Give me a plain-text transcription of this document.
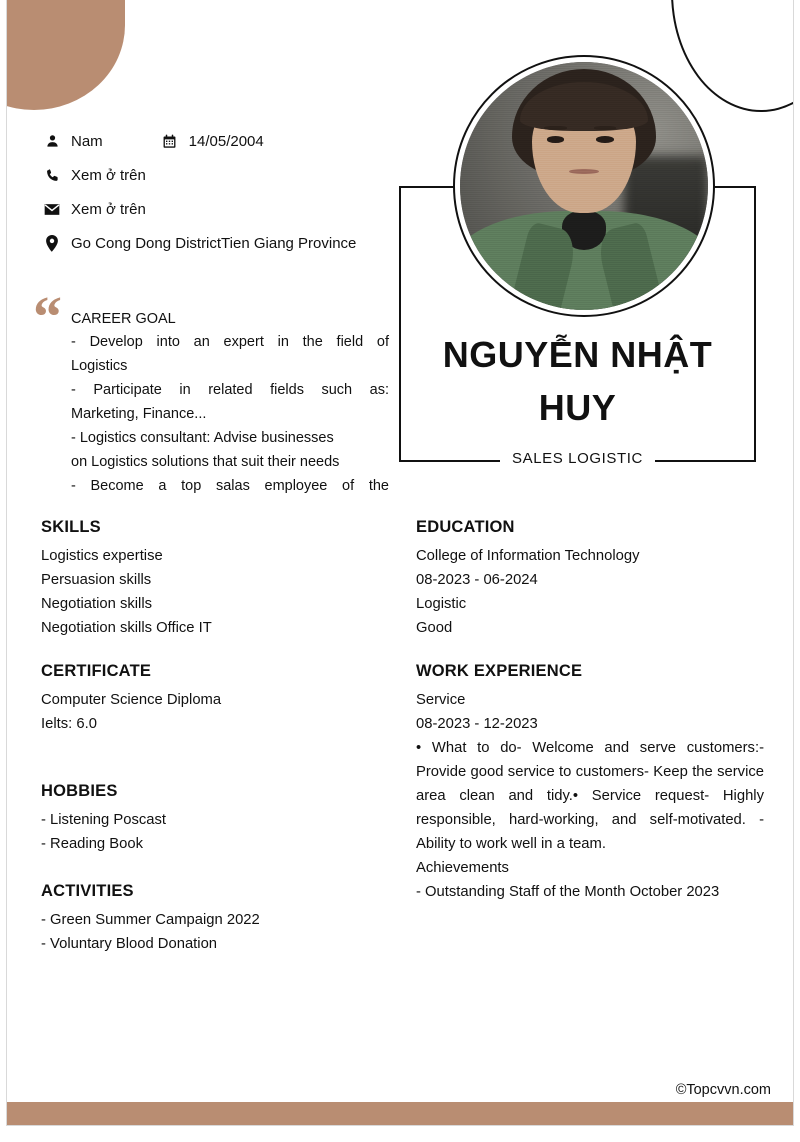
Nam	14/05/2004
Xem ở trên
Xem ở trên
Go Cong Dong DistrictTien Giang Province
“ CAREER GOAL
- Develop into an expert in the field of
Logistics
- Participate in related fields such as:
Marketing, Finance...
- Logistics consultant: Advise businesses
on Logistics solutions that suit their needs
- Become a top salas employee of the
NGUYỄN NHẬT HUY
SALES LOGISTIC
SKILLS
Logistics expertise
Persuasion skills
Negotiation skills
Negotiation skills Office IT
CERTIFICATE
Computer Science Diploma
Ielts: 6.0
HOBBIES
- Listening Poscast
- Reading Book
ACTIVITIES
- Green Summer Campaign 2022
- Voluntary Blood Donation
EDUCATION
College of Information Technology
08-2023 - 06-2024
Logistic
Good
WORK EXPERIENCE
Service
08-2023 - 12-2023
• What to do- Welcome and serve customers:- Provide good service to customers- Keep the service area clean and tidy.• Service request- Highly responsible, hard-working, and self-motivated. - Ability to work well in a team.
Achievements
- Outstanding Staff of the Month October 2023
©Topcvvn.com
